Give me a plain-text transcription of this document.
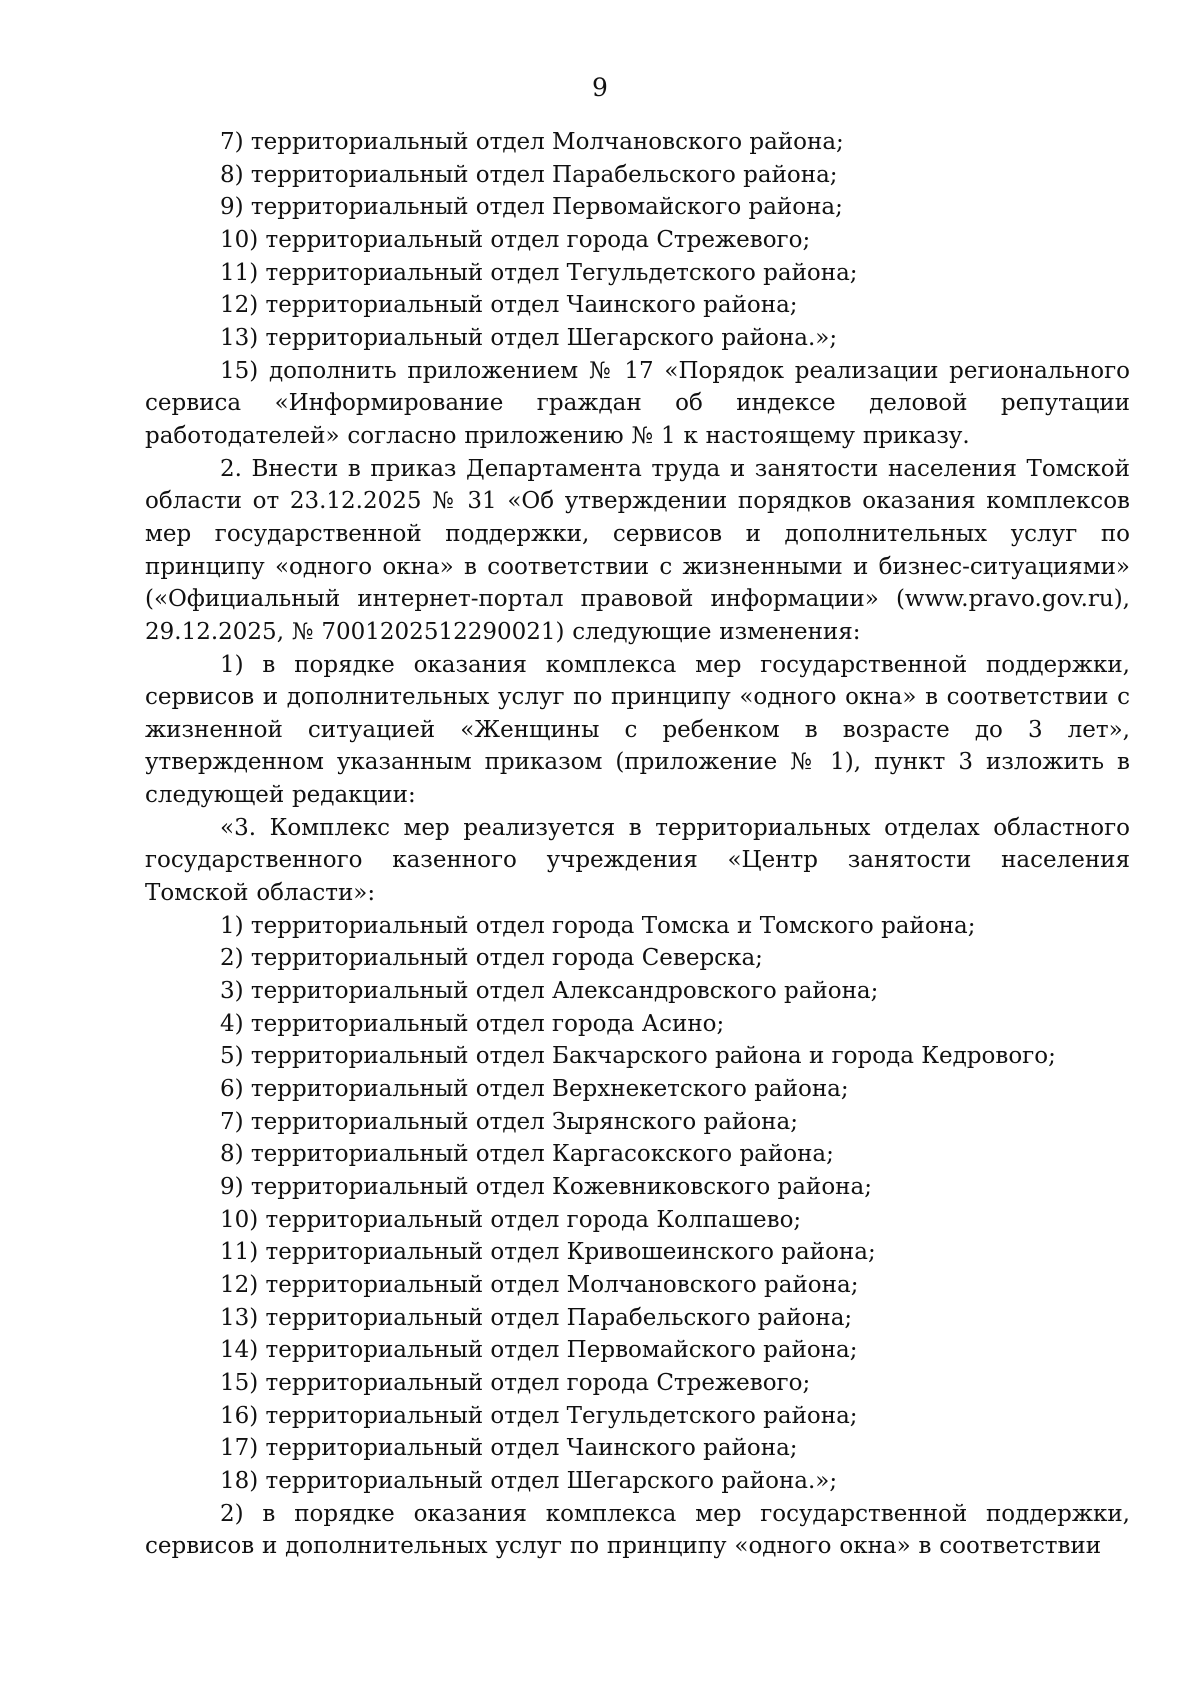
9

7) территориальный отдел Молчановского района;

8) территориальный отдел Парабельского района;

9) территориальный отдел Первомайского района;

10) территориальный отдел города Стрежевого;

11) территориальный отдел Тегульдетского района;

12) территориальный отдел Чаинского района;

13) территориальный отдел Шегарского района.»;

15) дополнить приложением № 17 «Порядок реализации регионального сервиса «Информирование граждан об индексе деловой репутации работодателей» согласно приложению № 1 к настоящему приказу.

2. Внести в приказ Департамента труда и занятости населения Томской области от 23.12.2025 № 31 «Об утверждении порядков оказания комплексов мер государственной поддержки, сервисов и дополнительных услуг по принципу «одного окна» в соответствии с жизненными и бизнес-ситуациями» («Официальный интернет-портал правовой информации» (www.pravo.gov.ru), 29.12.2025, № 7001202512290021) следующие изменения:

1) в порядке оказания комплекса мер государственной поддержки, сервисов и дополнительных услуг по принципу «одного окна» в соответствии с жизненной ситуацией «Женщины с ребенком в возрасте до 3 лет», утвержденном указанным приказом (приложение № 1), пункт 3 изложить в следующей редакции:

«3. Комплекс мер реализуется в территориальных отделах областного государственного казенного учреждения «Центр занятости населения Томской области»:

1) территориальный отдел города Томска и Томского района;

2) территориальный отдел города Северска;

3) территориальный отдел Александровского района;

4) территориальный отдел города Асино;

5) территориальный отдел Бакчарского района и города Кедрового;

6) территориальный отдел Верхнекетского района;

7) территориальный отдел Зырянского района;

8) территориальный отдел Каргасокского района;

9) территориальный отдел Кожевниковского района;

10) территориальный отдел города Колпашево;

11) территориальный отдел Кривошеинского района;

12) территориальный отдел Молчановского района;

13) территориальный отдел Парабельского района;

14) территориальный отдел Первомайского района;

15) территориальный отдел города Стрежевого;

16) территориальный отдел Тегульдетского района;

17) территориальный отдел Чаинского района;

18) территориальный отдел Шегарского района.»;

2) в порядке оказания комплекса мер государственной поддержки, сервисов и дополнительных услуг по принципу «одного окна» в соответствии
